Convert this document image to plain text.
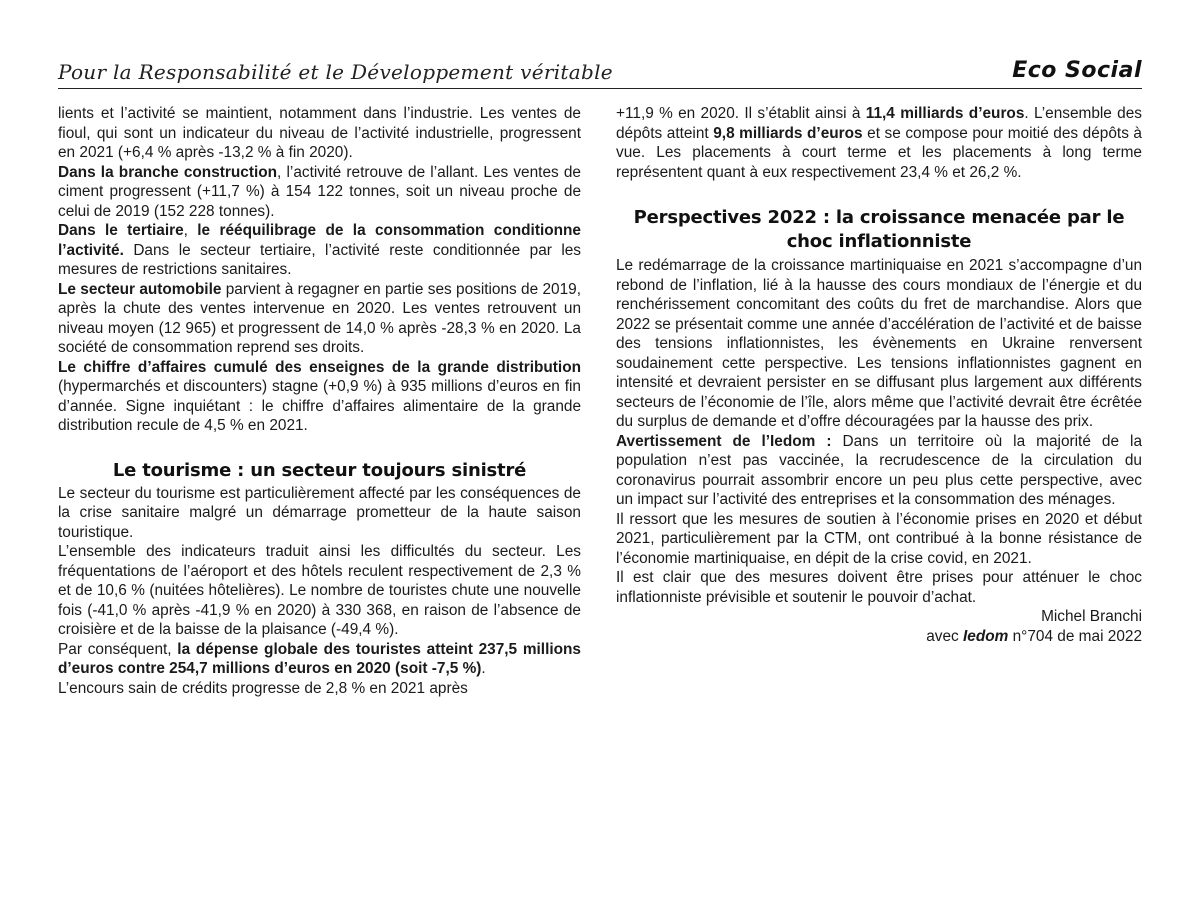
Pour la Responsabilité et le Développement véritable	Eco Social

lients et l’activité se maintient, notamment dans l’industrie. Les ventes de fioul, qui sont un indicateur du niveau de l’activité industrielle, progressent en 2021 (+6,4 % après -13,2 % à fin 2020).

Dans la branche construction, l’activité retrouve de l’allant. Les ventes de ciment progressent (+11,7 %) à 154 122 tonnes, soit un niveau proche de celui de 2019 (152 228 tonnes).

Dans le tertiaire, le rééquilibrage de la consommation conditionne l’activité. Dans le secteur tertiaire, l’activité reste conditionnée par les mesures de restrictions sanitaires.

Le secteur automobile parvient à regagner en partie ses positions de 2019, après la chute des ventes intervenue en 2020. Les ventes retrouvent un niveau moyen (12 965) et progressent de 14,0 % après -28,3 % en 2020. La société de consommation reprend ses droits.

Le chiffre d’affaires cumulé des enseignes de la grande distribution (hypermarchés et discounters) stagne (+0,9 %) à 935 millions d’euros en fin d’année. Signe inquiétant : le chiffre d’affaires alimentaire de la grande distribution recule de 4,5 % en 2021.

Le tourisme : un secteur toujours sinistré

Le secteur du tourisme est particulièrement affecté par les conséquences de la crise sanitaire malgré un démarrage prometteur de la haute saison touristique.

L’ensemble des indicateurs traduit ainsi les difficultés du secteur. Les fréquentations de l’aéroport et des hôtels reculent respectivement de 2,3 % et de 10,6 % (nuitées hôtelières). Le nombre de touristes chute une nouvelle fois (-41,0 % après -41,9 % en 2020) à 330 368, en raison de l’absence de croisière et de la baisse de la plaisance (-49,4 %).

Par conséquent, la dépense globale des touristes atteint 237,5 millions d’euros contre 254,7 millions d’euros en 2020 (soit -7,5 %).

L’encours sain de crédits progresse de 2,8 % en 2021 après

+11,9 % en 2020. Il s’établit ainsi à 11,4 milliards d’euros. L’ensemble des dépôts atteint 9,8 milliards d’euros et se compose pour moitié des dépôts à vue. Les placements à court terme et les placements à long terme représentent quant à eux respectivement 23,4 % et 26,2 %.

Perspectives 2022 : la croissance menacée par le choc inflationniste

Le redémarrage de la croissance martiniquaise en 2021 s’accompagne d’un rebond de l’inflation, lié à la hausse des cours mondiaux de l’énergie et du renchérissement concomitant des coûts du fret de marchandise. Alors que 2022 se présentait comme une année d’accélération de l’activité et de baisse des tensions inflationnistes, les évènements en Ukraine renversent soudainement cette perspective. Les tensions inflationnistes gagnent en intensité et devraient persister en se diffusant plus largement aux différents secteurs de l’économie de l’île, alors même que l’activité devrait être écrêtée du surplus de demande et d’offre découragées par la hausse des prix.

Avertissement de l’Iedom : Dans un territoire où la majorité de la population n’est pas vaccinée, la recrudescence de la circulation du coronavirus pourrait assombrir encore un peu plus cette perspective, avec un impact sur l’activité des entreprises et la consommation des ménages.

Il ressort que les mesures de soutien à l’économie prises en 2020 et début 2021, particulièrement par la CTM, ont contribué à la bonne résistance de l’économie martiniquaise, en dépit de la crise covid, en 2021.

Il est clair que des mesures doivent être prises pour atténuer le choc inflationniste prévisible et soutenir le pouvoir d’achat.

Michel Branchi

avec Iedom n°704 de mai 2022
